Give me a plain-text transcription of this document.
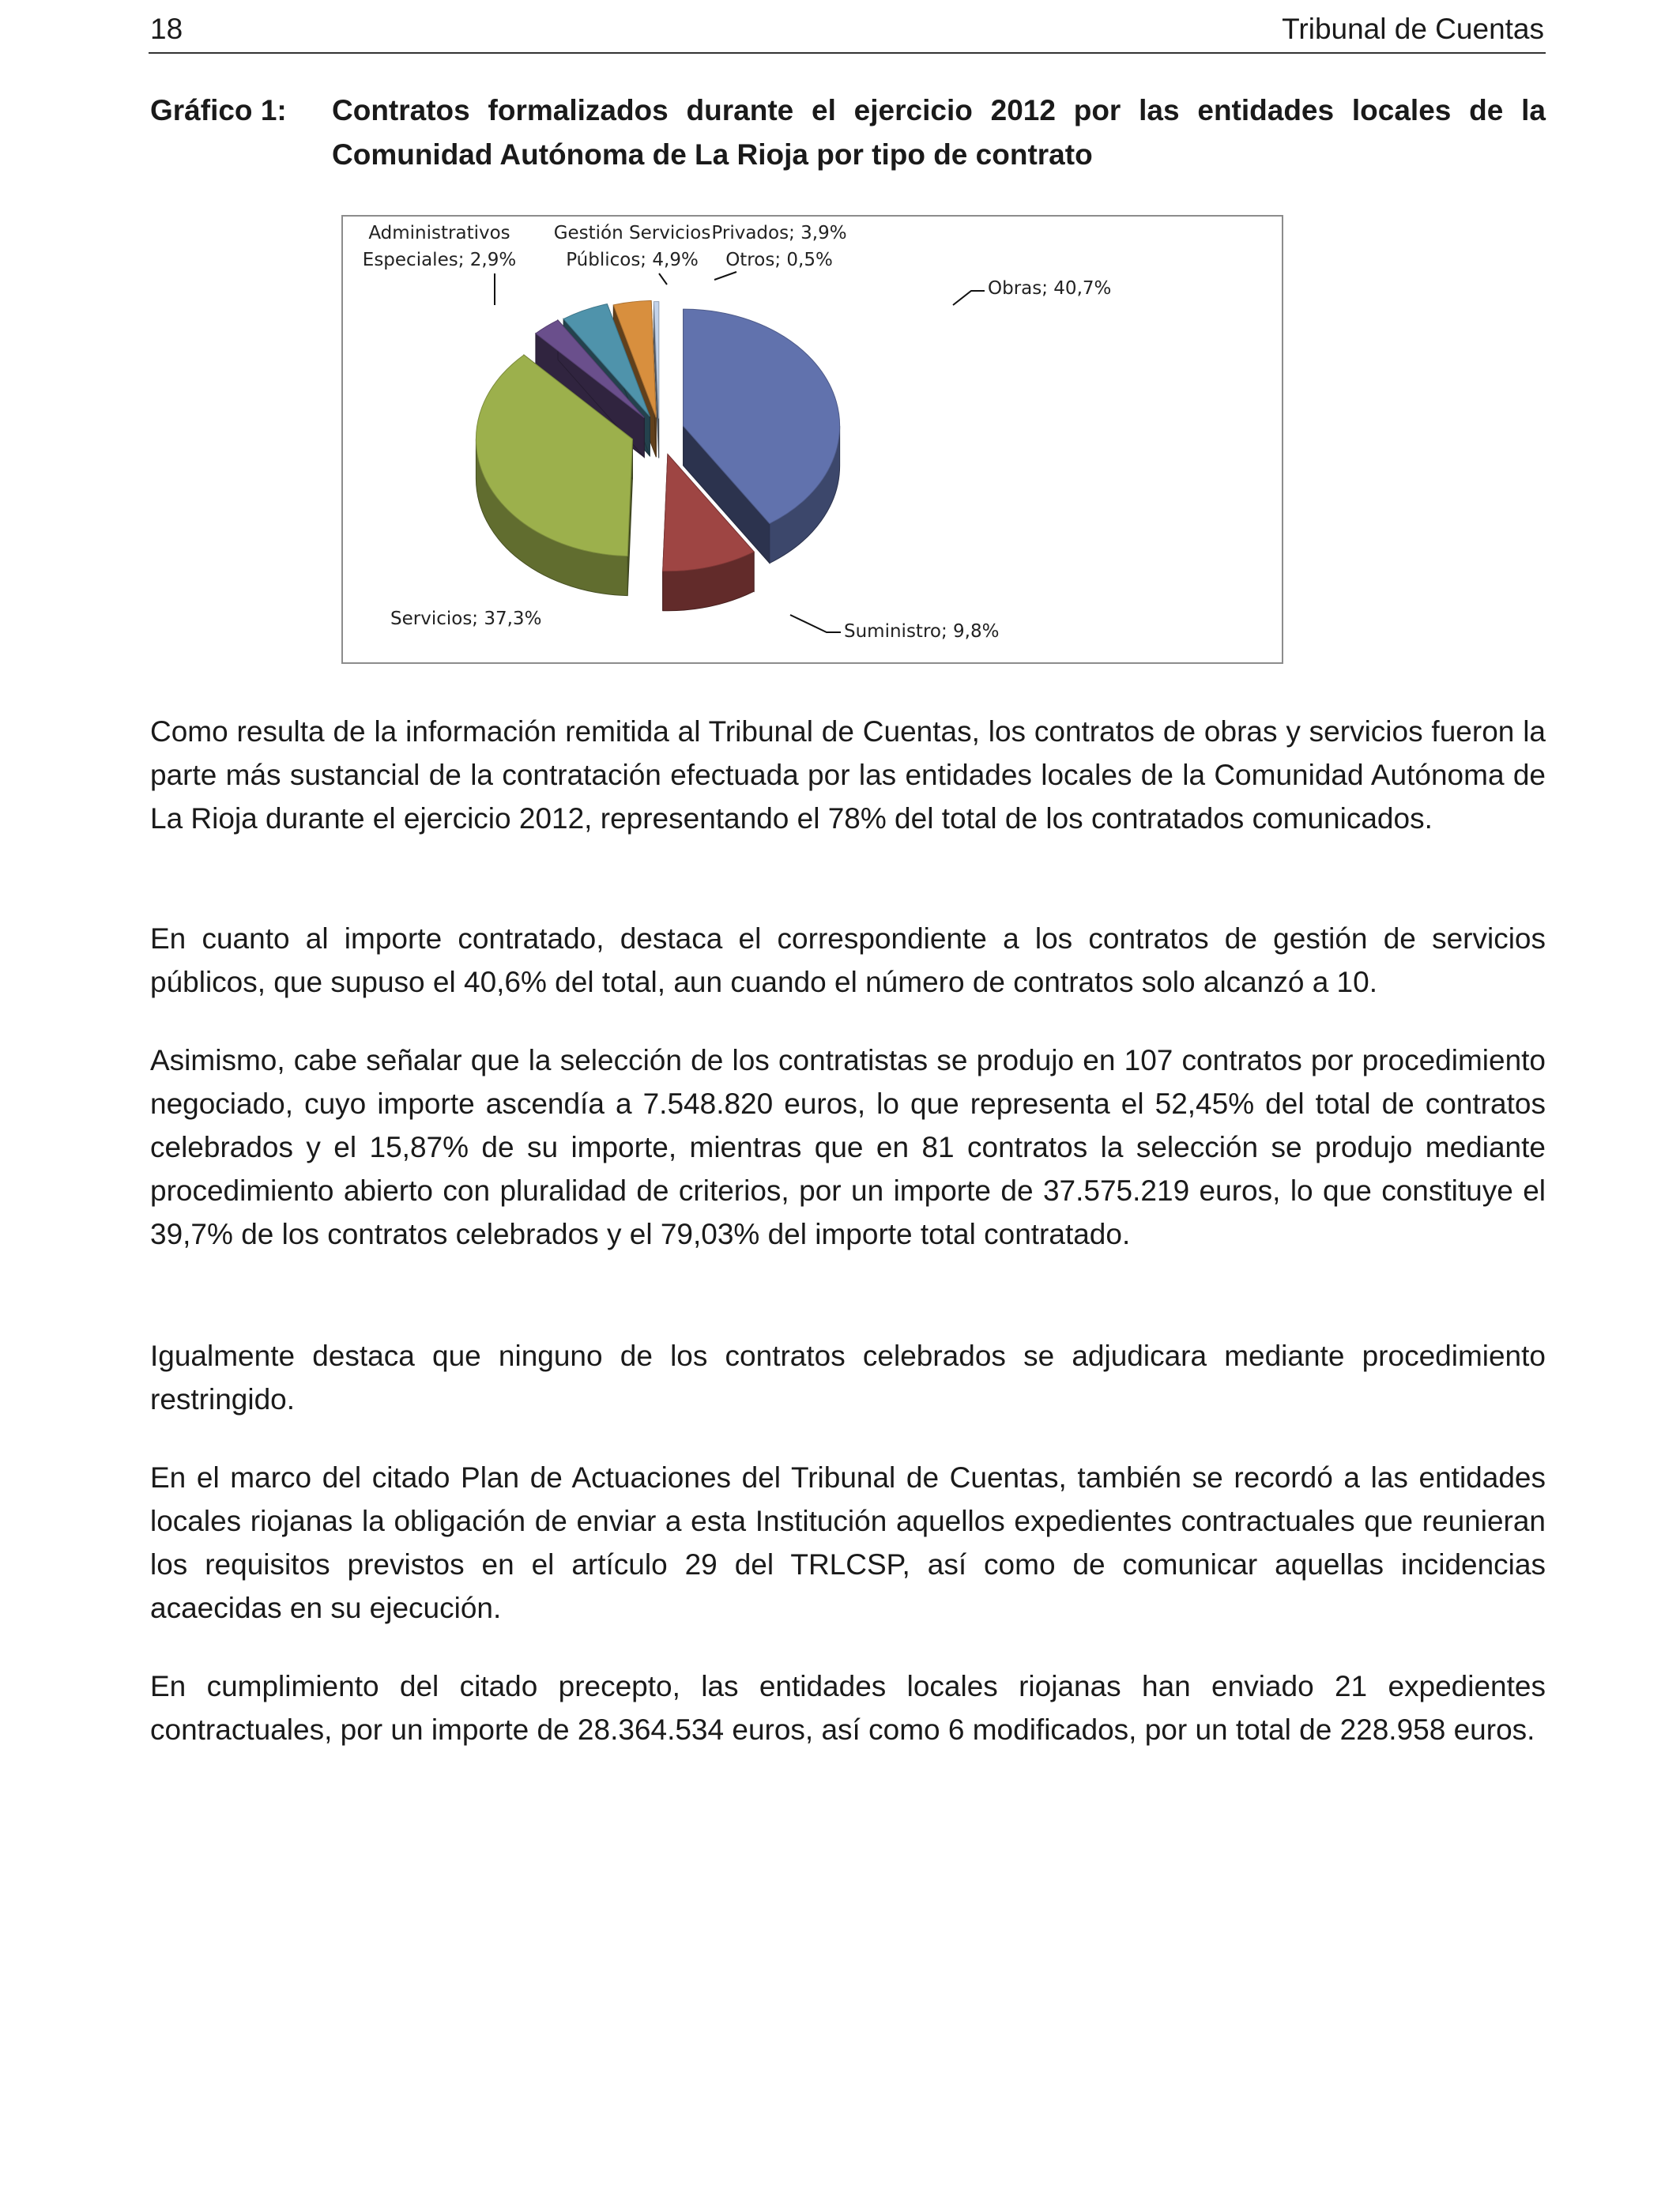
18	Tribunal de Cuentas
Gráfico 1: Contratos formalizados durante el ejercicio 2012 por las entidades locales de la Comunidad Autónoma de La Rioja por tipo de contrato
Obras; 40,7%
Suministro; 9,8%
Servicios; 37,3%
Administrativos
Especiales; 2,9%
Gestión Servicios
Públicos; 4,9%
Privados; 3,9%
Otros; 0,5%

Como resulta de la información remitida al Tribunal de Cuentas, los contratos de obras y servicios fueron la parte más sustancial de la contratación efectuada por las entidades locales de la Comunidad Autónoma de La Rioja durante el ejercicio 2012, representando el 78% del total de los contratados comunicados.

En cuanto al importe contratado, destaca el correspondiente a los contratos de gestión de servicios públicos, que supuso el 40,6% del total, aun cuando el número de contratos solo alcanzó a 10.

Asimismo, cabe señalar que la selección de los contratistas se produjo en 107 contratos por procedimiento negociado, cuyo importe ascendía a 7.548.820 euros, lo que representa el 52,45% del total de contratos celebrados y el 15,87% de su importe, mientras que en 81 contratos la selección se produjo mediante procedimiento abierto con pluralidad de criterios, por un importe de 37.575.219 euros, lo que constituye el 39,7% de los contratos celebrados y el 79,03% del importe total contratado.

Igualmente destaca que ninguno de los contratos celebrados se adjudicara mediante procedimiento restringido.

En el marco del citado Plan de Actuaciones del Tribunal de Cuentas, también se recordó a las entidades locales riojanas la obligación de enviar a esta Institución aquellos expedientes contractuales que reunieran los requisitos previstos en el artículo 29 del TRLCSP, así como de comunicar aquellas incidencias acaecidas en su ejecución.

En cumplimiento del citado precepto, las entidades locales riojanas han enviado 21 expedientes contractuales, por un importe de 28.364.534 euros, así como 6 modificados, por un total de 228.958 euros.
